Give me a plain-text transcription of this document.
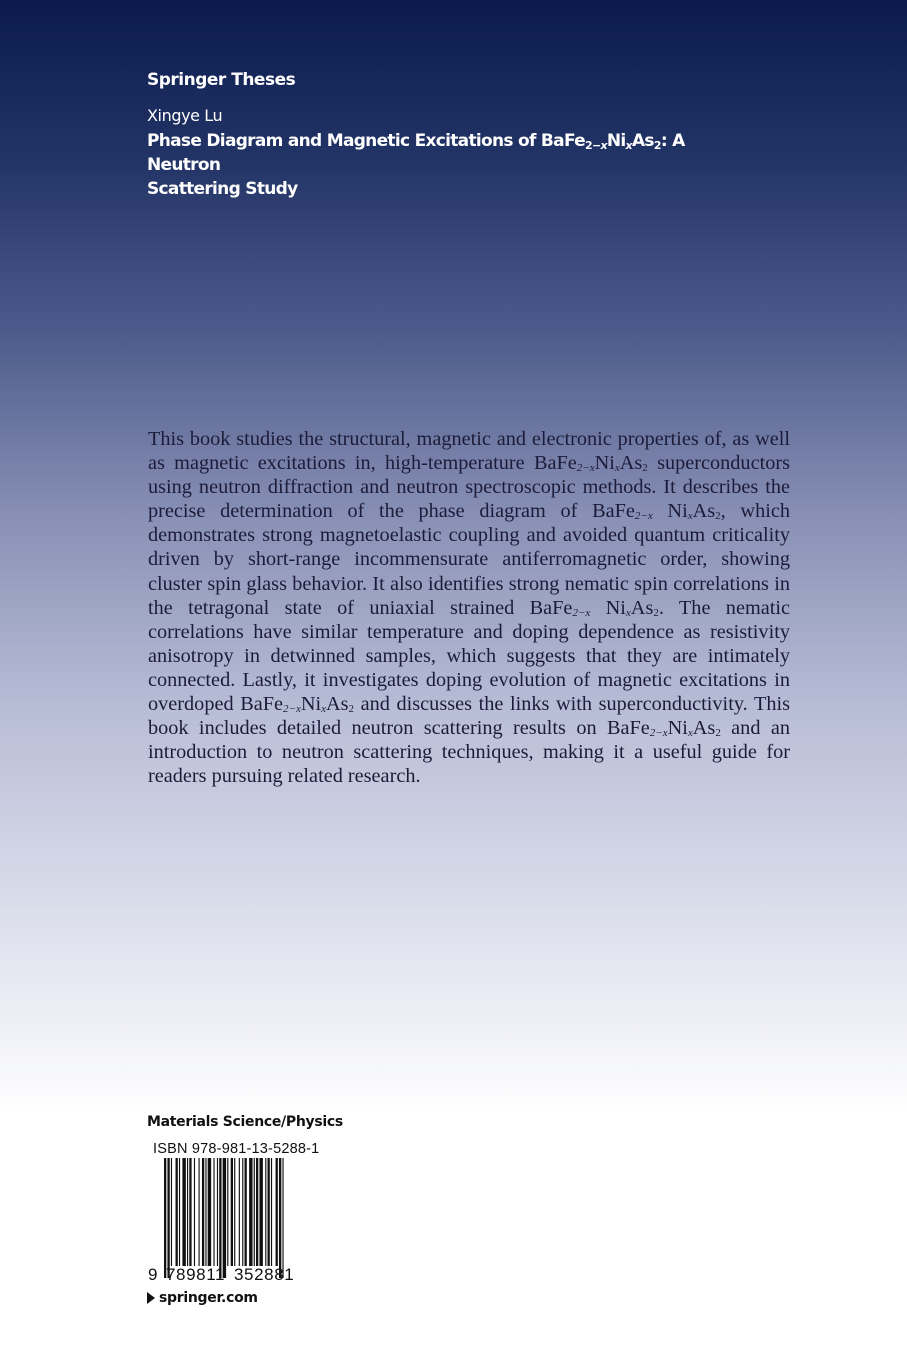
Springer Theses
Xingye Lu
Phase Diagram and Magnetic Excitations of $BaFe_{2-x}Ni_xAs_2$: A Neutron
Scattering Study
This book studies the structural, magnetic and electronic properties of, as well as magnetic excitations in, high-temperature $BaFe_{2-x}Ni_xAs_2$ superconductors using neutron diffraction and neutron spectroscopic methods. It describes the precise determination of the phase diagram of BaFe$_{2-x}$ $Ni_xAs_2$, which demonstrates strong magnetoelastic coupling and avoided quantum criticality driven by short-range incommensurate antiferromagnetic order, showing cluster spin glass behavior. It also identifies strong nematic spin correlations in the tetragonal state of uniaxial strained BaFe$_{2-x}$ $Ni_xAs_2$. The nematic correlations have similar temperature and doping dependence as resistivity anisotropy in detwinned samples, which suggests that they are intimately connected. Lastly, it investigates doping evolution of magnetic excitations in overdoped $BaFe_{2-x}Ni_xAs_2$ and discusses the links with superconductivity. This book includes detailed neutron scattering results on $BaFe_{2-x}Ni_xAs_2$ and an introduction to neutron scattering techniques, making it a useful guide for readers pursuing related research.
Materials Science/Physics
ISBN 978-981-13-5288-1
9 789811 352881
springer.com
